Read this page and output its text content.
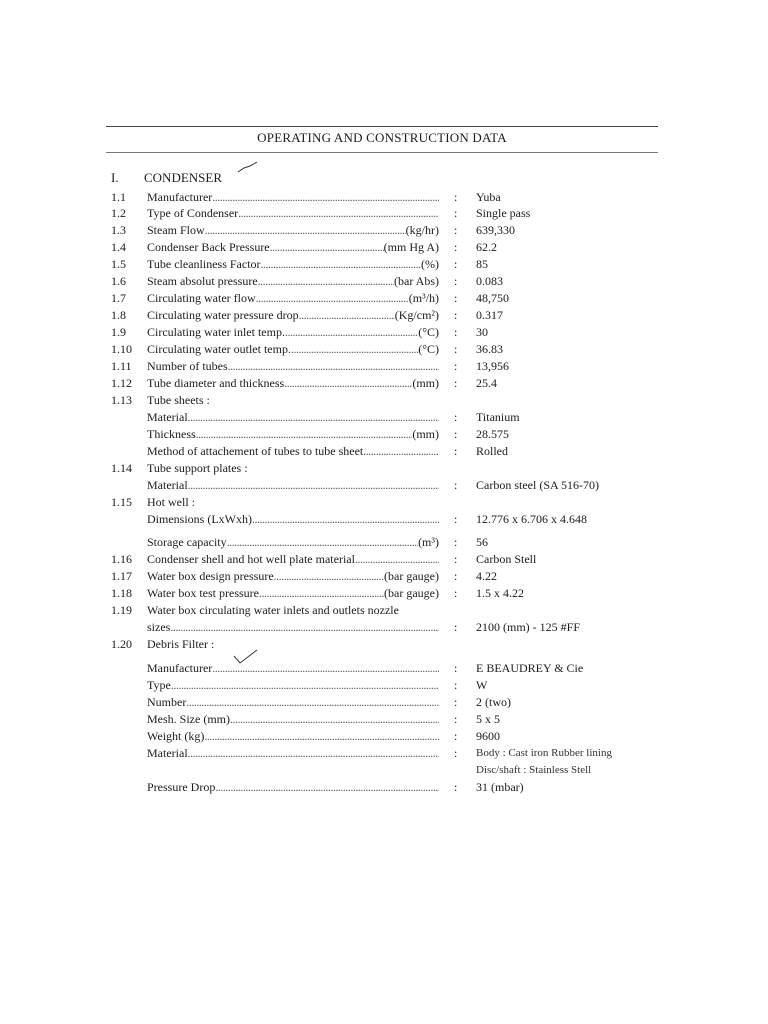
OPERATING AND CONSTRUCTION DATA
I. CONDENSER
1.1 Manufacturer .....	: Yuba
1.2 Type of Condenser .....	: Single pass
1.3 Steam Flow .....	(kg/hr) : 639,330
1.4 Condenser Back Pressure .....	(mm Hg A) : 62.2
1.5 Tube cleanliness Factor .....	(%) : 85
1.6 Steam absolut pressure .....	(bar Abs) : 0.083
1.7 Circulating water flow .....	(m³/h) : 48,750
1.8 Circulating water pressure drop .....	(Kg/cm²) : 0.317
1.9 Circulating water inlet temp. .....	(°C) : 30
1.10 Circulating water outlet temp. .....	(°C) : 36.83
1.11 Number of tubes .....	: 13,956
1.12 Tube diameter and thickness .....	(mm) : 25.4
1.13 Tube sheets :
Material .....	: Titanium
Thickness .....	(mm) : 28.575
Method of attachement of tubes to tube sheet .....	: Rolled
1.14 Tube support plates :
Material .....	: Carbon steel (SA 516-70)
1.15 Hot well :
Dimensions (LxWxh) .....	: 12.776 x 6.706 x 4.648
Storage capacity .....	(m³) : 56
1.16 Condenser shell and hot well plate material .....	: Carbon Stell
1.17 Water box design pressure .....	(bar gauge) : 4.22
1.18 Water box test pressure .....	(bar gauge) : 1.5 x 4.22
1.19 Water box circulating water inlets and outlets nozzle
sizes .....	: 2100 (mm) - 125 #FF
1.20 Debris Filter :
Manufacturer .....	: E BEAUDREY & Cie
Type .....	: W
Number .....	: 2 (two)
Mesh. Size (mm) .....	: 5 x 5
Weight (kg) .....	: 9600
Material .....	: Body : Cast iron Rubber lining
Disc/shaft : Stainless Stell
Pressure Drop .....	: 31 (mbar)
